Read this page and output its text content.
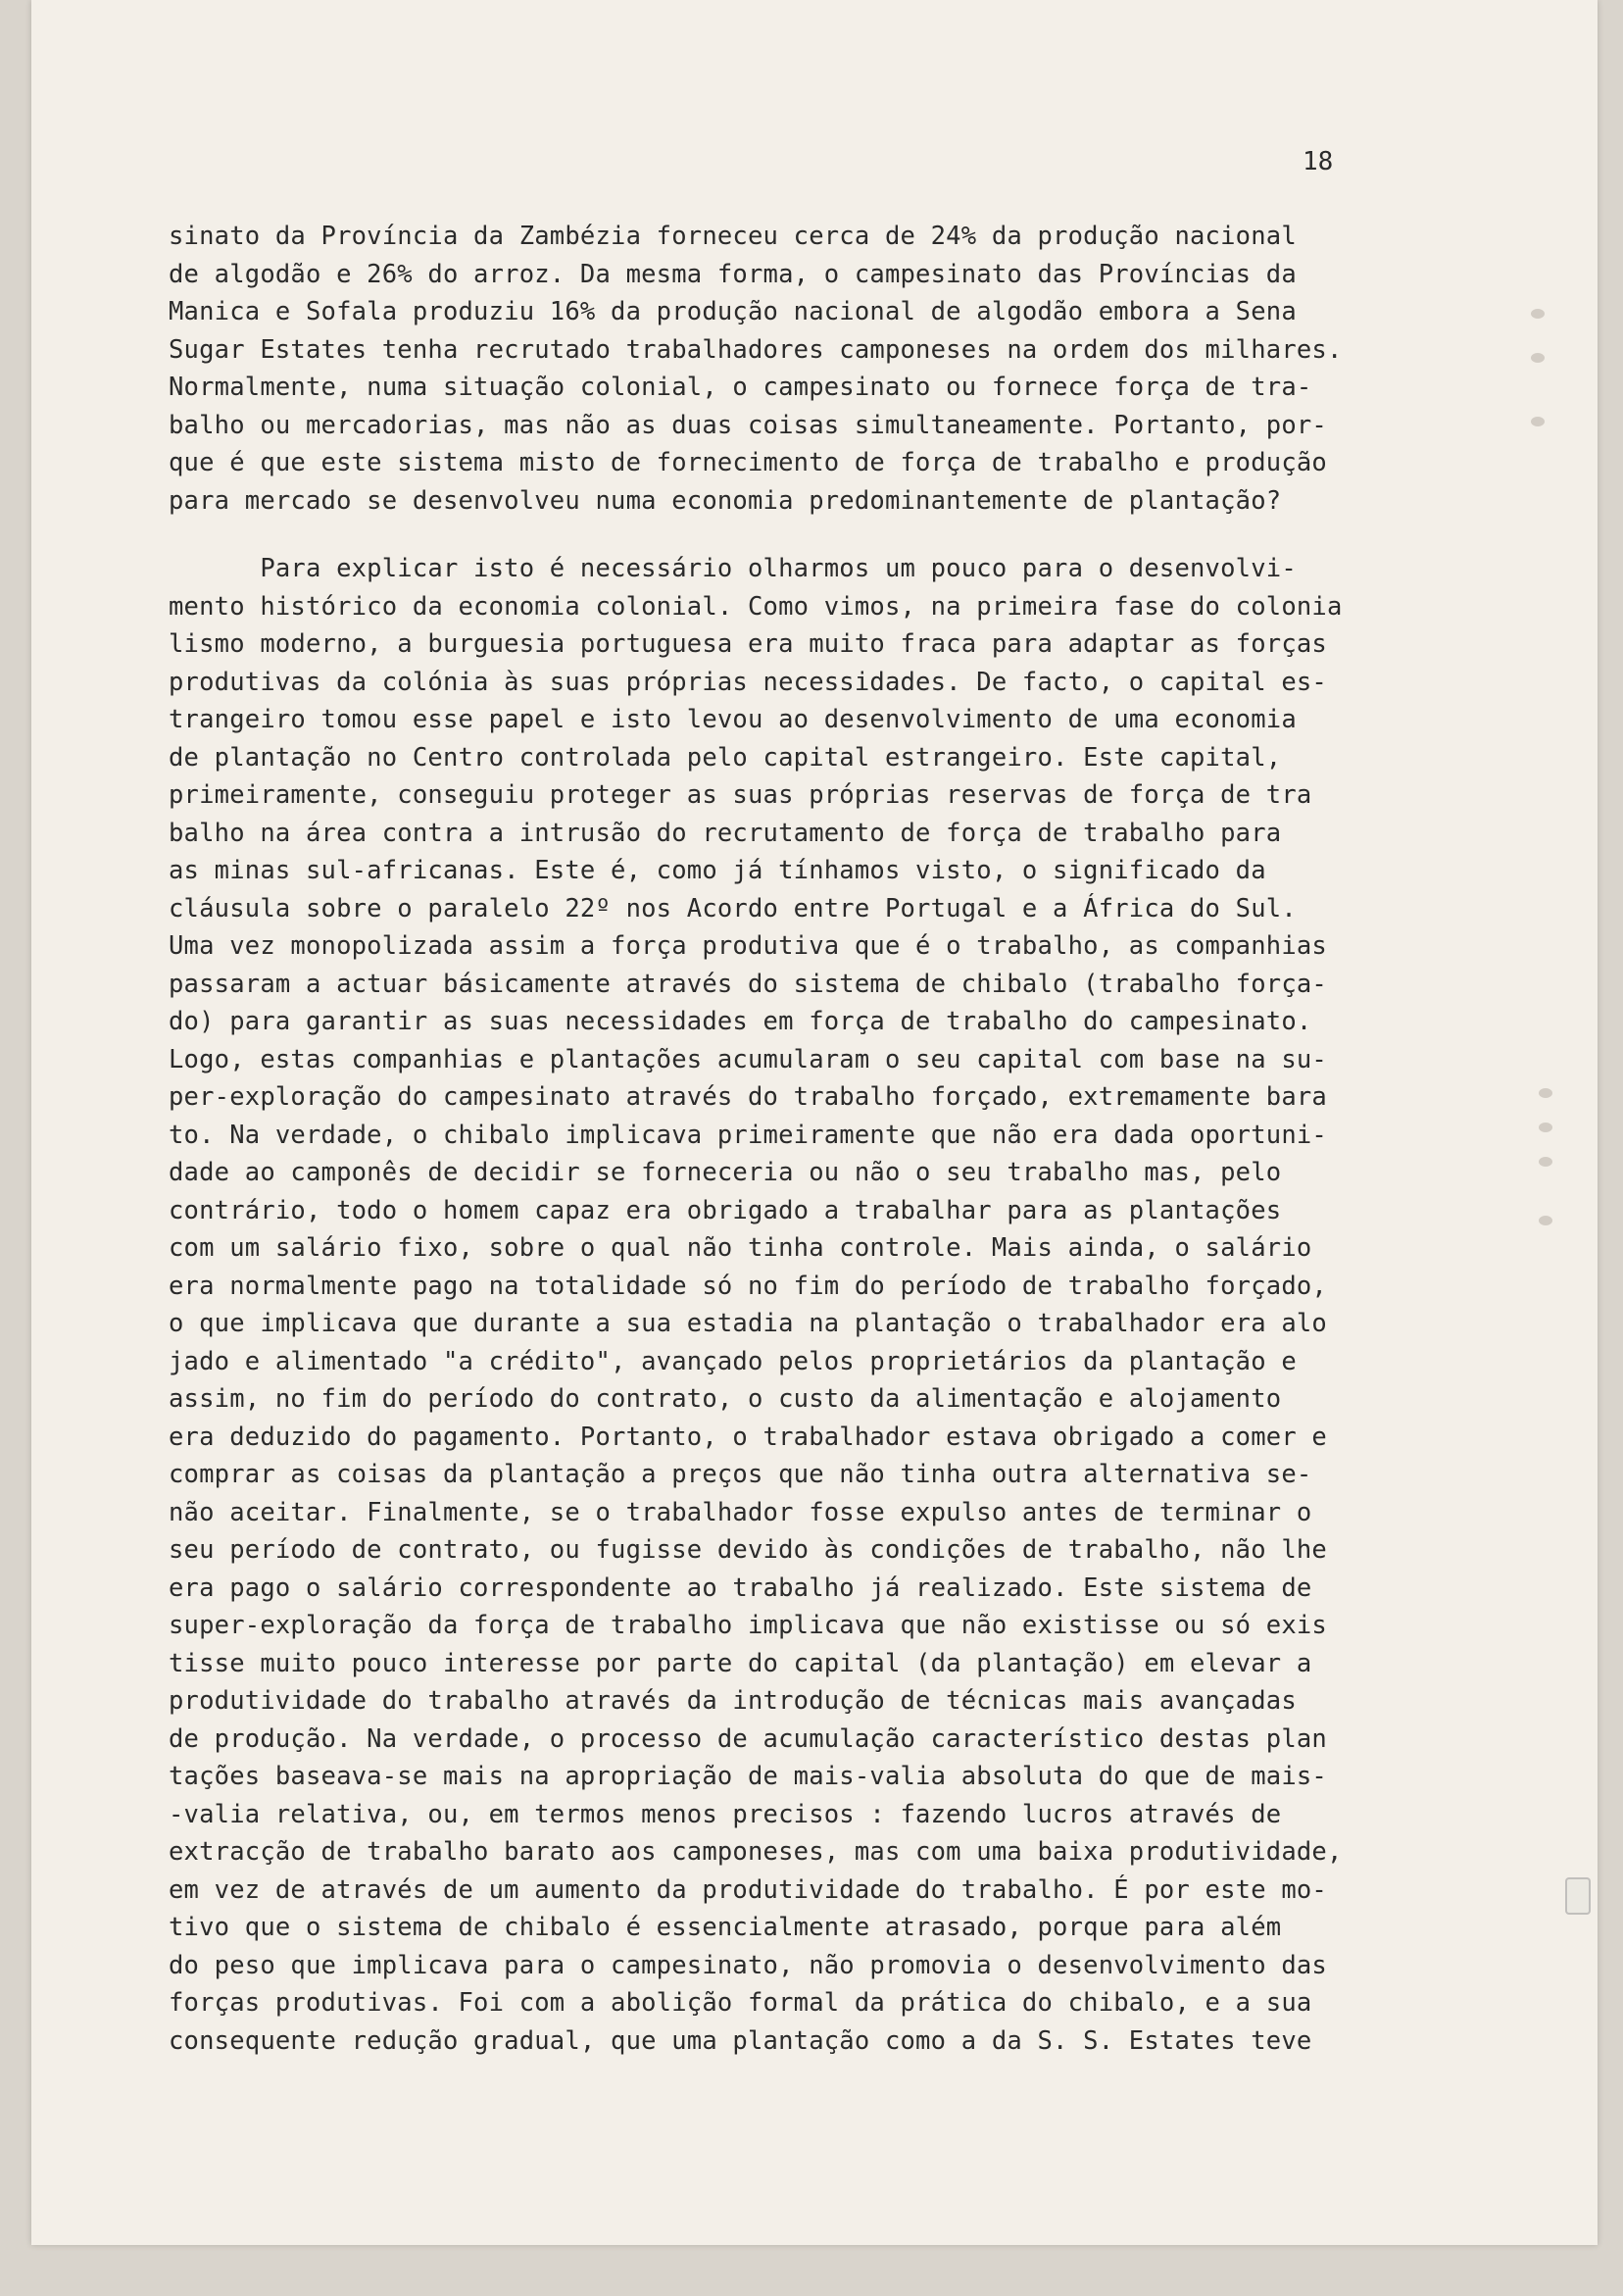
18
sinato da Província da Zambézia forneceu cerca de 24% da produção nacional
de algodão e 26% do arroz. Da mesma forma, o campesinato das Províncias da
Manica e Sofala produziu 16% da produção nacional de algodão embora a Sena
Sugar Estates tenha recrutado trabalhadores camponeses na ordem dos milhares.
Normalmente, numa situação colonial, o campesinato ou fornece força de tra-
balho ou mercadorias, mas não as duas coisas simultaneamente. Portanto, por-
que é que este sistema misto de fornecimento de força de trabalho e produção
para mercado se desenvolveu numa economia predominantemente de plantação?
Para explicar isto é necessário olharmos um pouco para o desenvolvi-
mento histórico da economia colonial. Como vimos, na primeira fase do colonia
lismo moderno, a burguesia portuguesa era muito fraca para adaptar as forças
produtivas da colónia às suas próprias necessidades. De facto, o capital es-
trangeiro tomou esse papel e isto levou ao desenvolvimento de uma economia
de plantação no Centro controlada pelo capital estrangeiro. Este capital,
primeiramente, conseguiu proteger as suas próprias reservas de força de tra
balho na área contra a intrusão do recrutamento de força de trabalho para
as minas sul-africanas. Este é, como já tínhamos visto, o significado da
cláusula sobre o paralelo 22º nos Acordo entre Portugal e a África do Sul.
Uma vez monopolizada assim a força produtiva que é o trabalho, as companhias
passaram a actuar básicamente através do sistema de chibalo (trabalho força-
do) para garantir as suas necessidades em força de trabalho do campesinato.
Logo, estas companhias e plantações acumularam o seu capital com base na su-
per-exploração do campesinato através do trabalho forçado, extremamente bara
to. Na verdade, o chibalo implicava primeiramente que não era dada oportuni-
dade ao camponês de decidir se forneceria ou não o seu trabalho mas, pelo
contrário, todo o homem capaz era obrigado a trabalhar para as plantações
com um salário fixo, sobre o qual não tinha controle. Mais ainda, o salário
era normalmente pago na totalidade só no fim do período de trabalho forçado,
o que implicava que durante a sua estadia na plantação o trabalhador era alo
jado e alimentado "a crédito", avançado pelos proprietários da plantação e
assim, no fim do período do contrato, o custo da alimentação e alojamento
era deduzido do pagamento. Portanto, o trabalhador estava obrigado a comer e
comprar as coisas da plantação a preços que não tinha outra alternativa se-
não aceitar. Finalmente, se o trabalhador fosse expulso antes de terminar o
seu período de contrato, ou fugisse devido às condições de trabalho, não lhe
era pago o salário correspondente ao trabalho já realizado. Este sistema de
super-exploração da força de trabalho implicava que não existisse ou só exis
tisse muito pouco interesse por parte do capital (da plantação) em elevar a
produtividade do trabalho através da introdução de técnicas mais avançadas
de produção. Na verdade, o processo de acumulação característico destas plan
tações baseava-se mais na apropriação de mais-valia absoluta do que de mais-
-valia relativa, ou, em termos menos precisos : fazendo lucros através de
extracção de trabalho barato aos camponeses, mas com uma baixa produtividade,
em vez de através de um aumento da produtividade do trabalho. É por este mo-
tivo que o sistema de chibalo é essencialmente atrasado, porque para além
do peso que implicava para o campesinato, não promovia o desenvolvimento das
forças produtivas. Foi com a abolição formal da prática do chibalo, e a sua
consequente redução gradual, que uma plantação como a da S. S. Estates teve
